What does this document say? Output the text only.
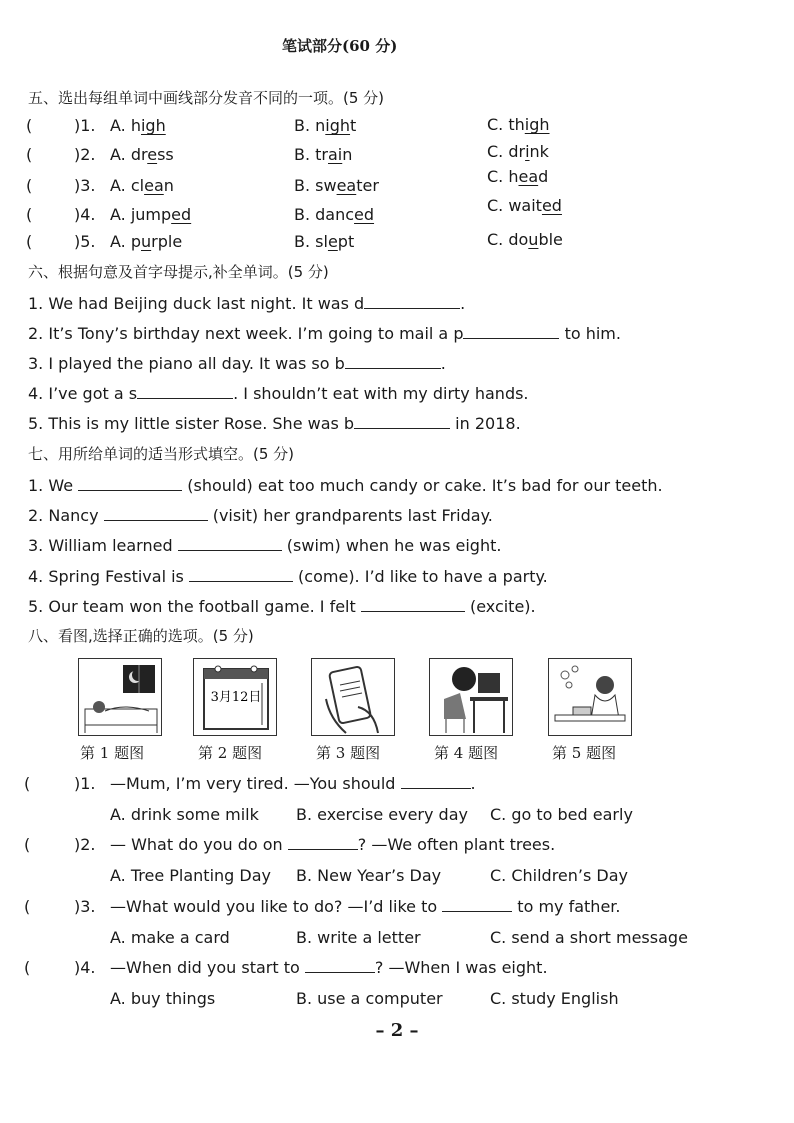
笔试部分(60 分)
五、选出每组单词中画线部分发音不同的一项。(5 分)
(	)1. A. high	B. night	C. thigh
(	)2. A. dress	B. train	C. drink
(	)3. A. clean	B. sweater	C. head
(	)4. A. jumped	B. danced	C. waited
(	)5. A. purple	B. slept	C. double
六、根据句意及首字母提示,补全单词。(5 分)
1. We had Beijing duck last night. It was d	.
2. It’s Tony’s birthday next week. I’m going to mail a p	to him.
3. I played the piano all day. It was so b	.
4. I’ve got a s	. I shouldn’t eat with my dirty hands.
5. This is my little sister Rose. She was b	in 2018.
七、用所给单词的适当形式填空。(5 分)
1. We	(should) eat too much candy or cake. It’s bad for our teeth.
2. Nancy	(visit) her grandparents last Friday.
3. William learned	(swim) when he was eight.
4. Spring Festival is	(come). I’d like to have a party.
5. Our team won the football game. I felt	(excite).
八、看图,选择正确的选项。(5 分)
3月12日
第 1 题图	第 2 题图	第 3 题图	第 4 题图	第 5 题图
(	)1. —Mum, I’m very tired. —You should	.
A. drink some milk B. exercise every day C. go to bed early
(	)2. — What do you do on	? —We often plant trees.
A. Tree Planting Day B. New Year’s Day	C. Children’s Day
(	)3. —What would you like to do? —I’d like to	to my father.
A. make a card	B. write a letter	C. send a short message
(	)4. —When did you start to	? —When I was eight.
A. buy things	B. use a computer	C. study English
– 2 –
